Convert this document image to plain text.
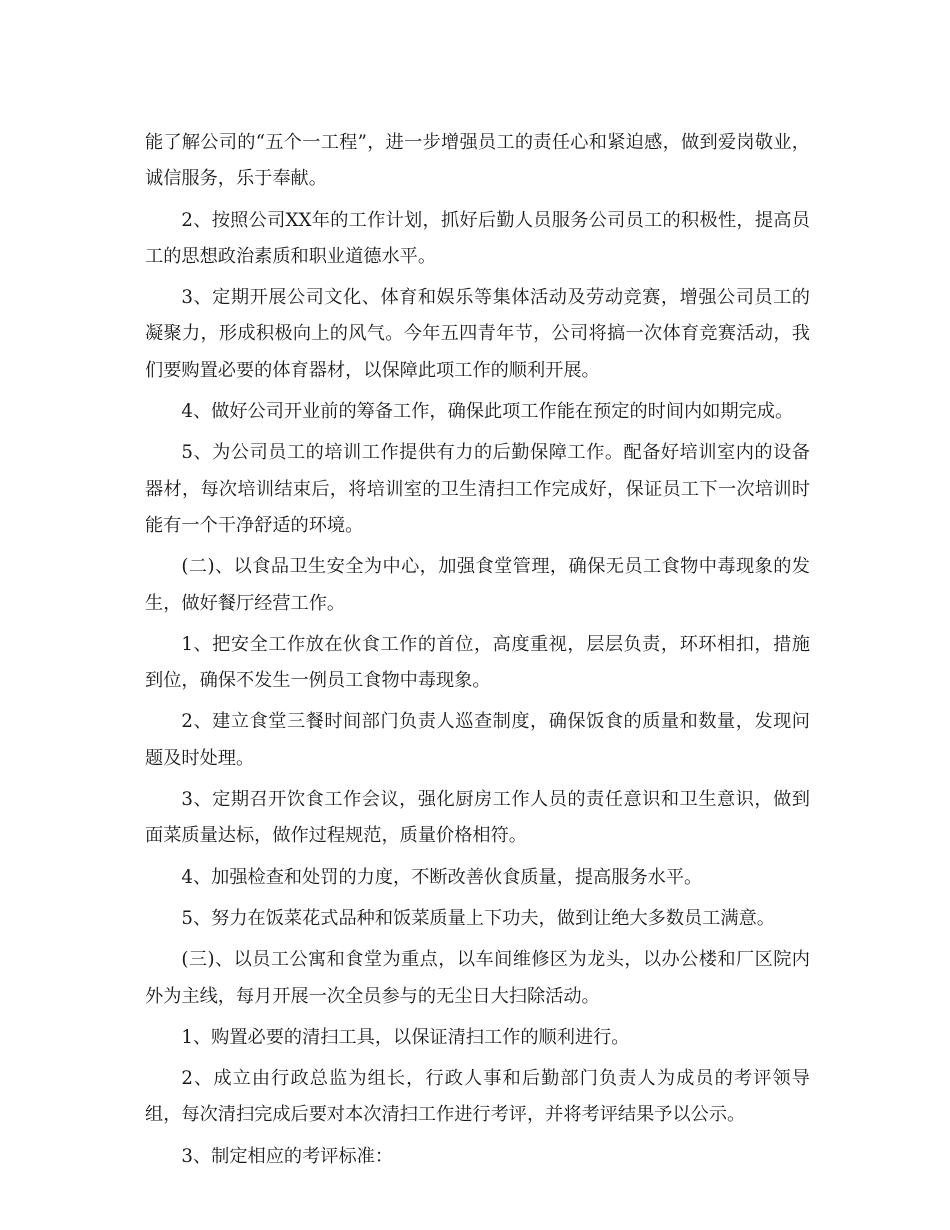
能了解公司的“五个一工程”，进一步增强员工的责任心和紧迫感，做到爱岗敬业，诚信服务，乐于奉献。

2、按照公司XX年的工作计划，抓好后勤人员服务公司员工的积极性，提高员工的思想政治素质和职业道德水平。

3、定期开展公司文化、体育和娱乐等集体活动及劳动竞赛，增强公司员工的凝聚力，形成积极向上的风气。今年五四青年节，公司将搞一次体育竞赛活动，我们要购置必要的体育器材，以保障此项工作的顺利开展。

4、做好公司开业前的筹备工作，确保此项工作能在预定的时间内如期完成。

5、为公司员工的培训工作提供有力的后勤保障工作。配备好培训室内的设备器材，每次培训结束后，将培训室的卫生清扫工作完成好，保证员工下一次培训时能有一个干净舒适的环境。

(二)、以食品卫生安全为中心，加强食堂管理，确保无员工食物中毒现象的发生，做好餐厅经营工作。

1、把安全工作放在伙食工作的首位，高度重视，层层负责，环环相扣，措施到位，确保不发生一例员工食物中毒现象。

2、建立食堂三餐时间部门负责人巡查制度，确保饭食的质量和数量，发现问题及时处理。

3、定期召开饮食工作会议，强化厨房工作人员的责任意识和卫生意识，做到面菜质量达标，做作过程规范，质量价格相符。

4、加强检查和处罚的力度，不断改善伙食质量，提高服务水平。

5、努力在饭菜花式品种和饭菜质量上下功夫，做到让绝大多数员工满意。

(三)、以员工公寓和食堂为重点，以车间维修区为龙头，以办公楼和厂区院内外为主线，每月开展一次全员参与的无尘日大扫除活动。

1、购置必要的清扫工具，以保证清扫工作的顺利进行。

2、成立由行政总监为组长，行政人事和后勤部门负责人为成员的考评领导组，每次清扫完成后要对本次清扫工作进行考评，并将考评结果予以公示。

3、制定相应的考评标准：
